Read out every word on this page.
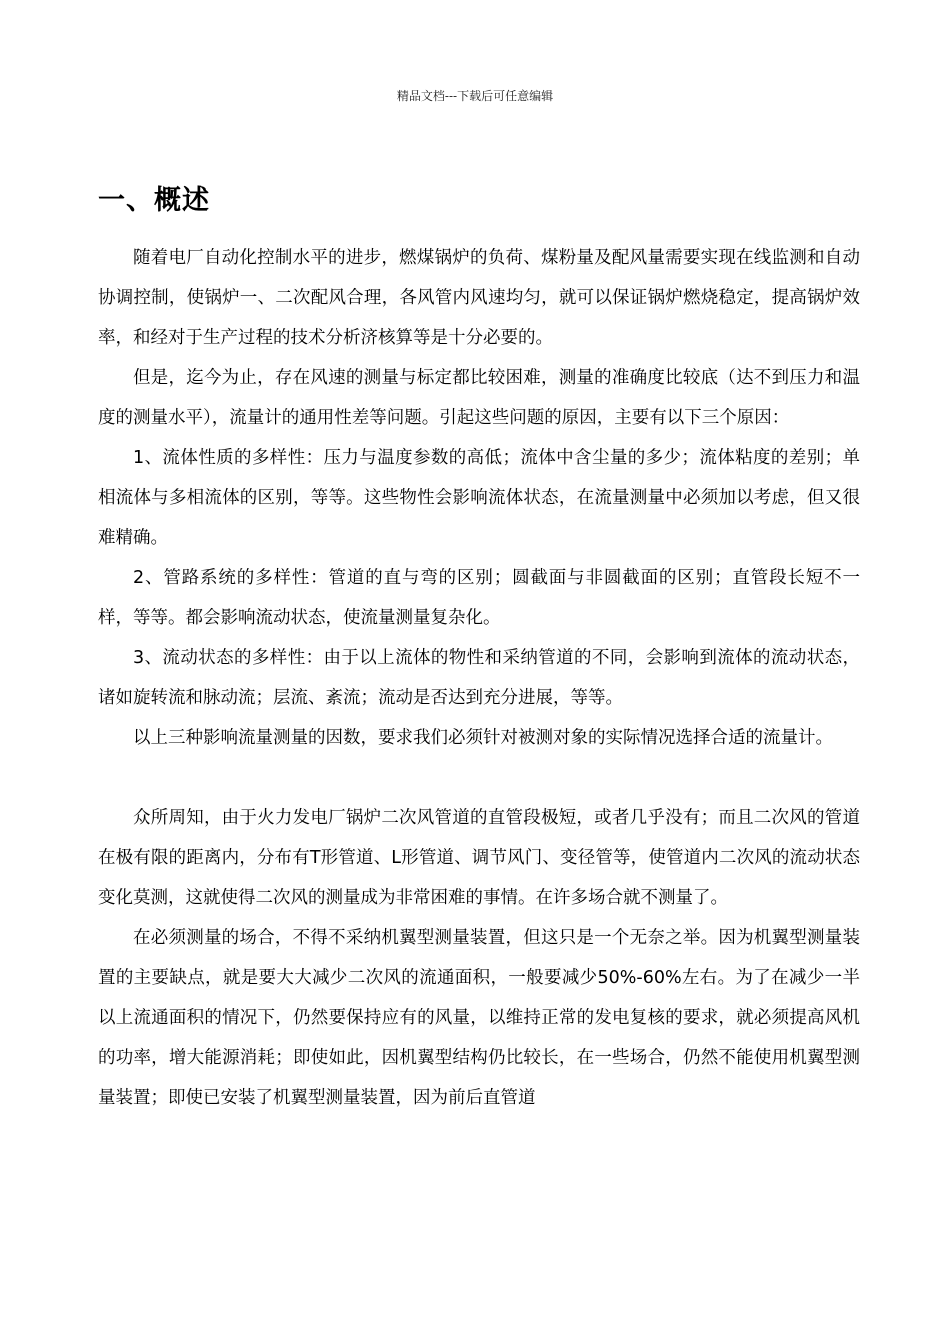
精品文档---下载后可任意编辑
一、概述

随着电厂自动化控制水平的进步，燃煤锅炉的负荷、煤粉量及配风量需要实现在线监测和自动协调控制，使锅炉一、二次配风合理，各风管内风速均匀，就可以保证锅炉燃烧稳定，提高锅炉效率，和经对于生产过程的技术分析济核算等是十分必要的。

但是，迄今为止，存在风速的测量与标定都比较困难，测量的准确度比较底（达不到压力和温度的测量水平），流量计的通用性差等问题。引起这些问题的原因，主要有以下三个原因：

1、流体性质的多样性：压力与温度参数的高低；流体中含尘量的多少；流体粘度的差别；单相流体与多相流体的区别，等等。这些物性会影响流体状态，在流量测量中必须加以考虑，但又很难精确。

2、管路系统的多样性：管道的直与弯的区别；圆截面与非圆截面的区别；直管段长短不一样，等等。都会影响流动状态，使流量测量复杂化。

3、流动状态的多样性：由于以上流体的物性和采纳管道的不同，会影响到流体的流动状态，诸如旋转流和脉动流；层流、紊流；流动是否达到充分进展，等等。

以上三种影响流量测量的因数，要求我们必须针对被测对象的实际情况选择合适的流量计。

众所周知，由于火力发电厂锅炉二次风管道的直管段极短，或者几乎没有；而且二次风的管道在极有限的距离内，分布有T形管道、L形管道、调节风门、变径管等，使管道内二次风的流动状态变化莫测，这就使得二次风的测量成为非常困难的事情。在许多场合就不测量了。

在必须测量的场合，不得不采纳机翼型测量装置，但这只是一个无奈之举。因为机翼型测量装置的主要缺点，就是要大大减少二次风的流通面积，一般要减少50%-60%左右。为了在减少一半以上流通面积的情况下，仍然要保持应有的风量，以维持正常的发电复核的要求，就必须提高风机的功率，增大能源消耗；即使如此，因机翼型结构仍比较长，在一些场合，仍然不能使用机翼型测量装置；即使已安装了机翼型测量装置，因为前后直管道
